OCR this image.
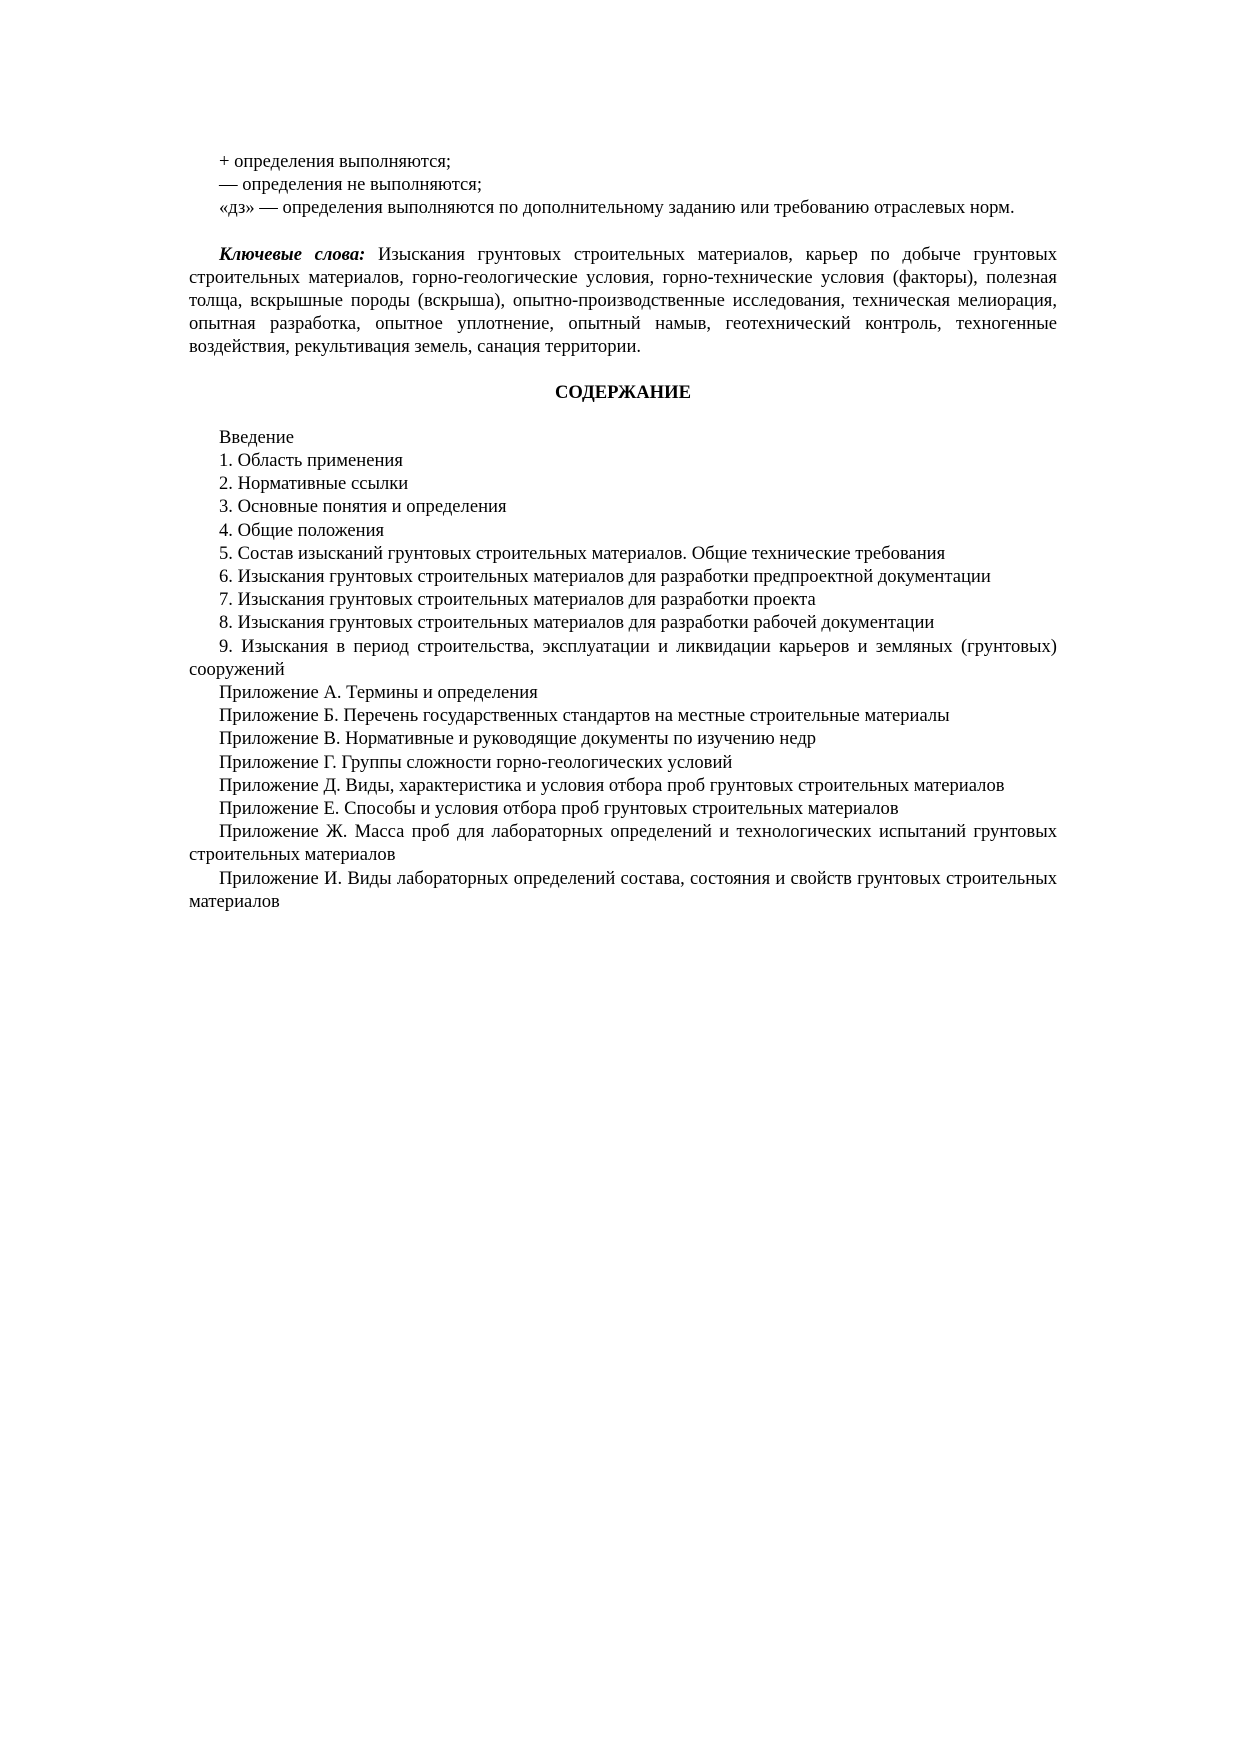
+ определения выполняются;

— определения не выполняются;

«дз» — определения выполняются по дополнительному заданию или требованию отраслевых норм.

Ключевые слова: Изыскания грунтовых строительных материалов, карьер по добыче грунтовых строительных материалов, горно-геологические условия, горно-технические условия (факторы), полезная толща, вскрышные породы (вскрыша), опытно-производственные исследования, техническая мелиорация, опытная разработка, опытное уплотнение, опытный намыв, геотехнический контроль, техногенные воздействия, рекультивация земель, санация территории.

СОДЕРЖАНИЕ

Введение
1. Область применения
2. Нормативные ссылки
3. Основные понятия и определения
4. Общие положения
5. Состав изысканий грунтовых строительных материалов. Общие технические требования
6. Изыскания грунтовых строительных материалов для разработки предпроектной документации
7. Изыскания грунтовых строительных материалов для разработки проекта
8. Изыскания грунтовых строительных материалов для разработки рабочей документации
9. Изыскания в период строительства, эксплуатации и ликвидации карьеров и земляных (грунтовых) сооружений
Приложение А. Термины и определения
Приложение Б. Перечень государственных стандартов на местные строительные материалы
Приложение В. Нормативные и руководящие документы по изучению недр
Приложение Г. Группы сложности горно-геологических условий
Приложение Д. Виды, характеристика и условия отбора проб грунтовых строительных материалов
Приложение Е. Способы и условия отбора проб грунтовых строительных материалов
Приложение Ж. Масса проб для лабораторных определений и технологических испытаний грунтовых строительных материалов
Приложение И. Виды лабораторных определений состава, состояния и свойств грунтовых строительных материалов
